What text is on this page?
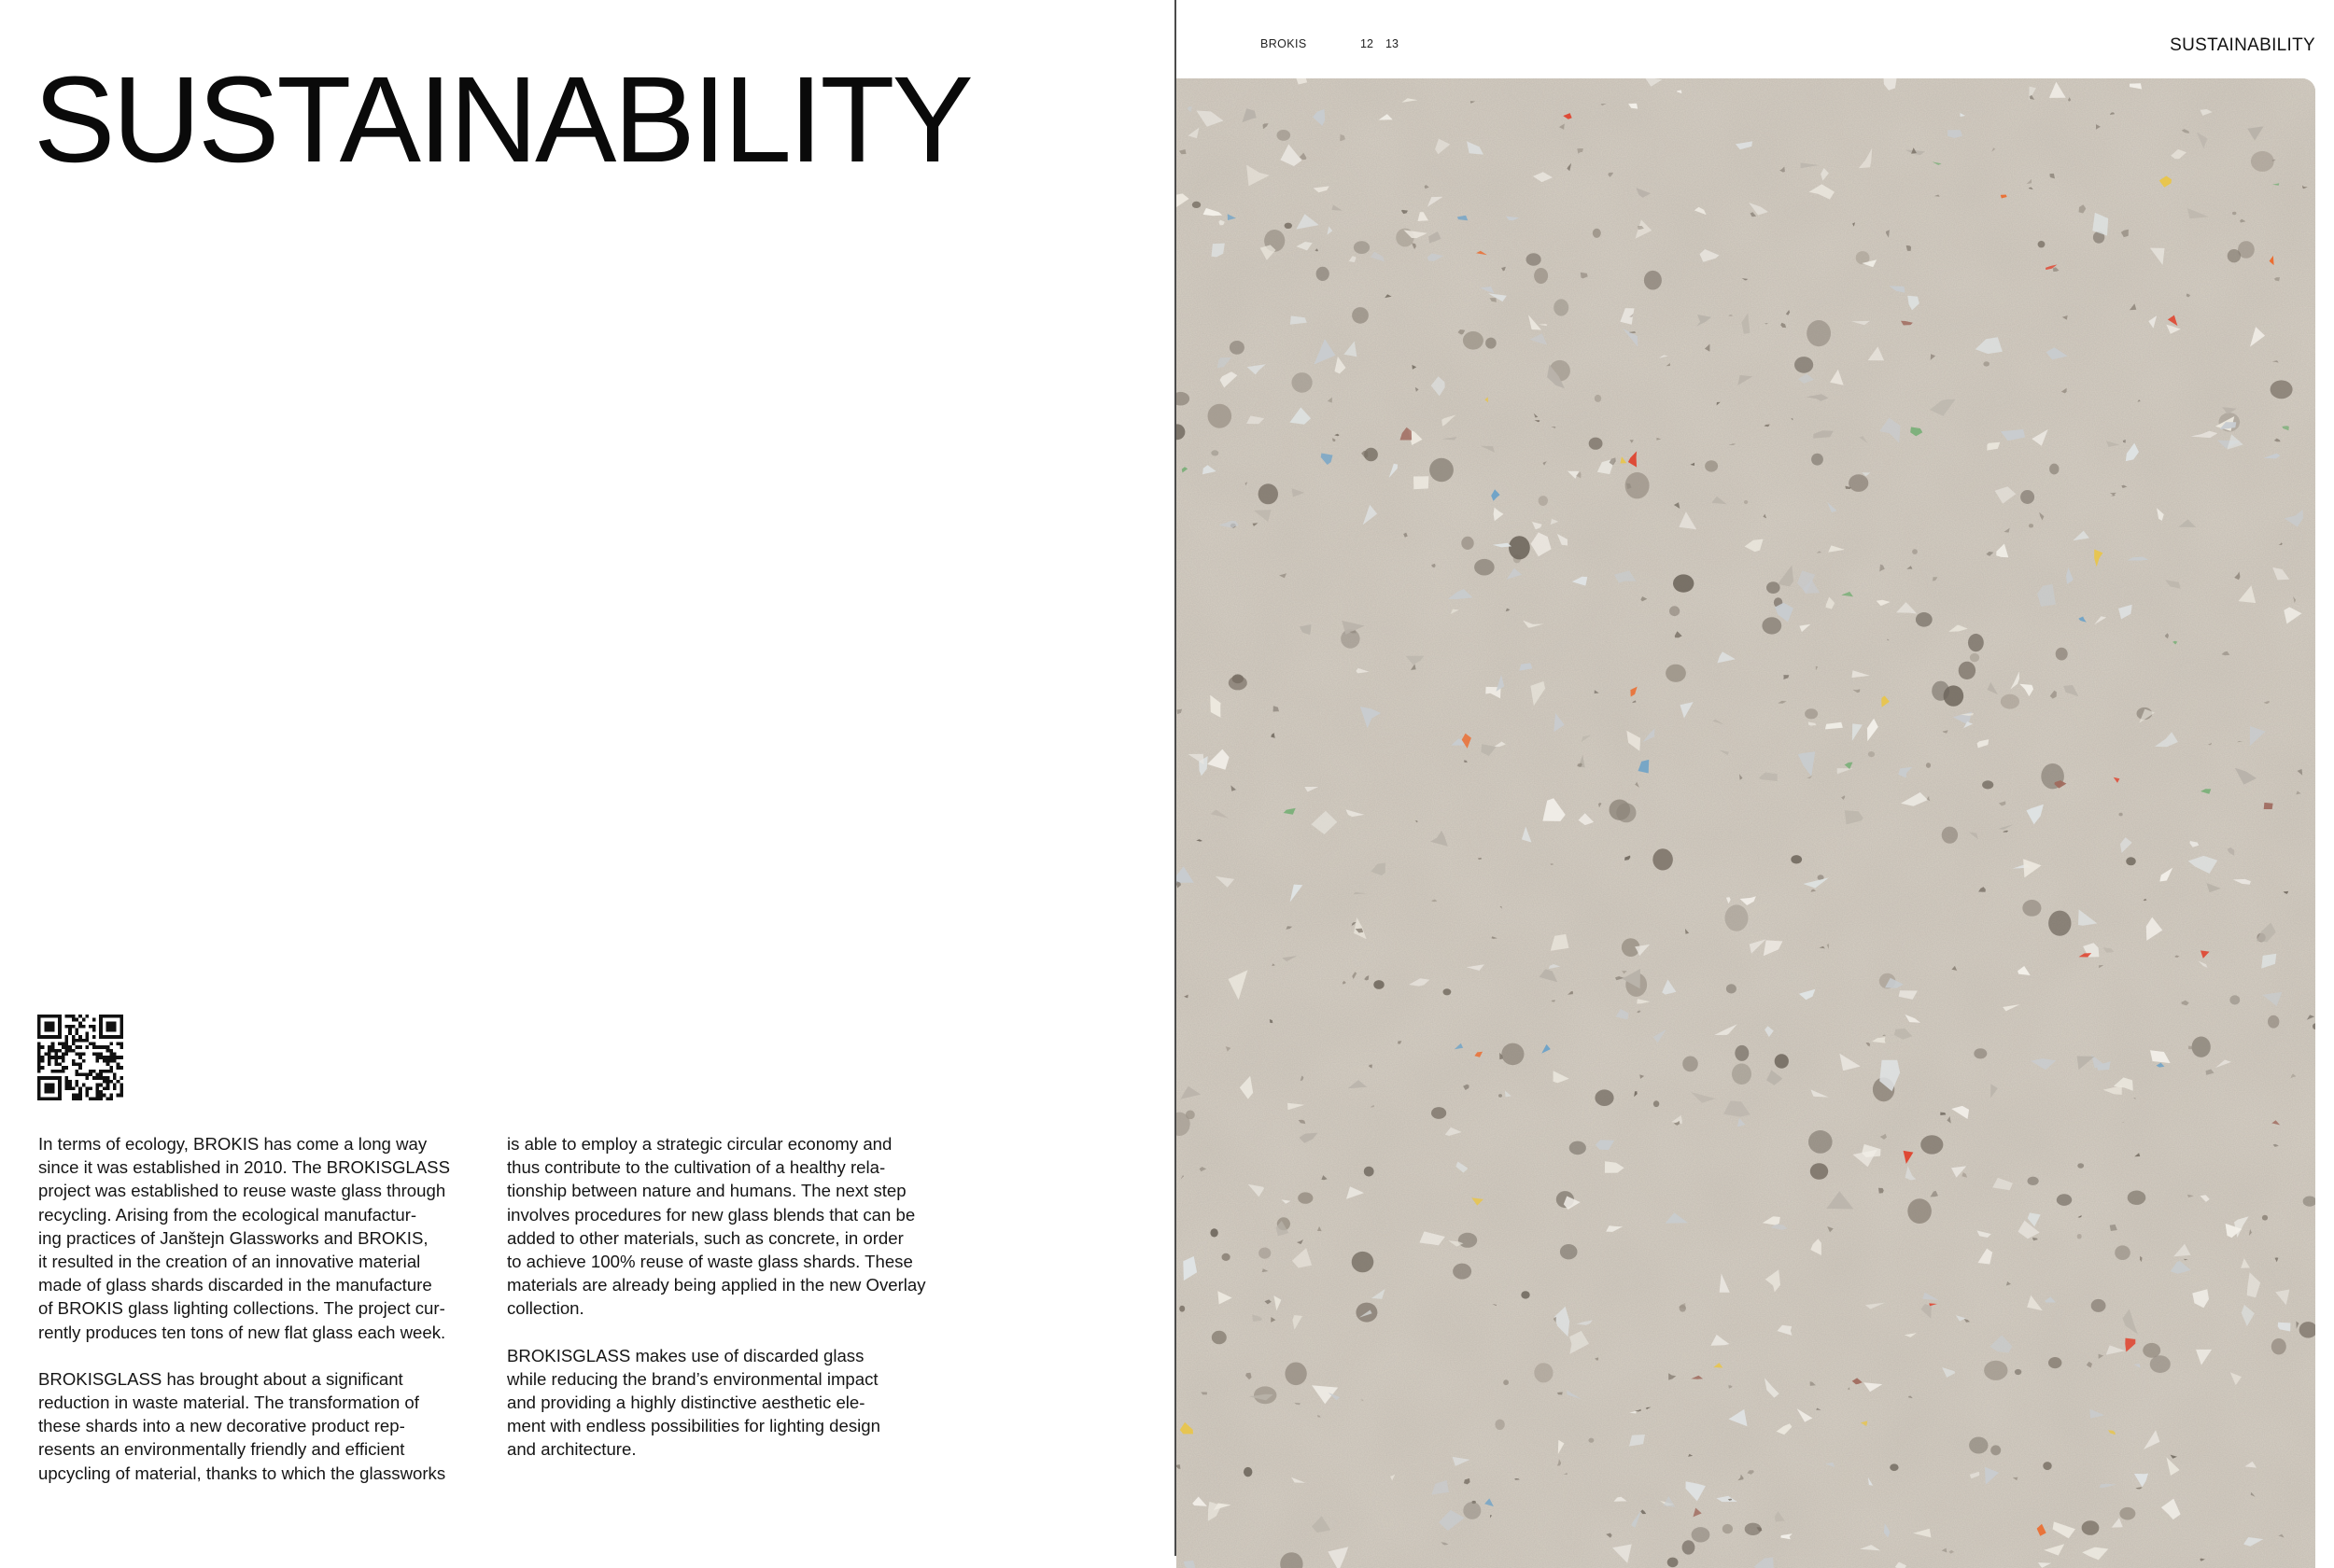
SUSTAINABILITY

In terms of ecology, BROKIS has come a long way
since it was established in 2010. The BROKISGLASS
project was established to reuse waste glass through
recycling. Arising from the ecological manufactur-
ing practices of Janštejn Glassworks and BROKIS,
it resulted in the creation of an innovative material
made of glass shards discarded in the manufacture
of BROKIS glass lighting collections. The project cur-
rently produces ten tons of new flat glass each week.

BROKISGLASS has brought about a significant
reduction in waste material. The transformation of
these shards into a new decorative product rep-
resents an environmentally friendly and efficient
upcycling of material, thanks to which the glassworks

is able to employ a strategic circular economy and
thus contribute to the cultivation of a healthy rela-
tionship between nature and humans. The next step
involves procedures for new glass blends that can be
added to other materials, such as concrete, in order
to achieve 100% reuse of waste glass shards. These
materials are already being applied in the new Overlay
collection.

BROKISGLASS makes use of discarded glass
while reducing the brand’s environmental impact
and providing a highly distinctive aesthetic ele-
ment with endless possibilities for lighting design
and architecture.

BROKIS	12 13	SUSTAINABILITY
